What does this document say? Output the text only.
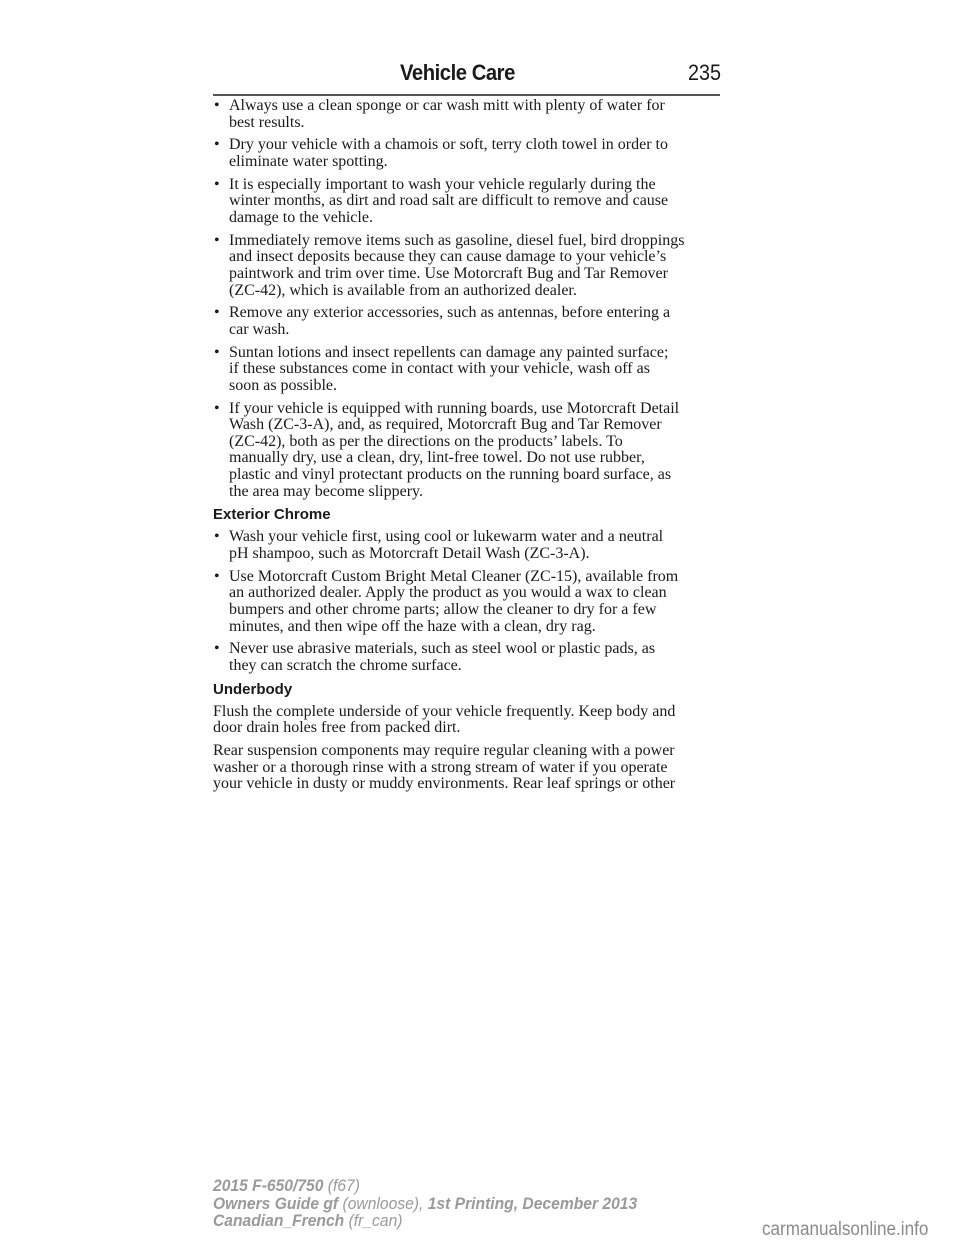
Vehicle Care	235
• Always use a clean sponge or car wash mitt with plenty of water for
best results.
• Dry your vehicle with a chamois or soft, terry cloth towel in order to
eliminate water spotting.
• It is especially important to wash your vehicle regularly during the
winter months, as dirt and road salt are difficult to remove and cause
damage to the vehicle.
• Immediately remove items such as gasoline, diesel fuel, bird droppings
and insect deposits because they can cause damage to your vehicle’s
paintwork and trim over time. Use Motorcraft Bug and Tar Remover
(ZC-42), which is available from an authorized dealer.
• Remove any exterior accessories, such as antennas, before entering a
car wash.
• Suntan lotions and insect repellents can damage any painted surface;
if these substances come in contact with your vehicle, wash off as
soon as possible.
• If your vehicle is equipped with running boards, use Motorcraft Detail
Wash (ZC-3-A), and, as required, Motorcraft Bug and Tar Remover
(ZC-42), both as per the directions on the products’ labels. To
manually dry, use a clean, dry, lint-free towel. Do not use rubber,
plastic and vinyl protectant products on the running board surface, as
the area may become slippery.
Exterior Chrome
• Wash your vehicle first, using cool or lukewarm water and a neutral
pH shampoo, such as Motorcraft Detail Wash (ZC-3-A).
• Use Motorcraft Custom Bright Metal Cleaner (ZC-15), available from
an authorized dealer. Apply the product as you would a wax to clean
bumpers and other chrome parts; allow the cleaner to dry for a few
minutes, and then wipe off the haze with a clean, dry rag.
• Never use abrasive materials, such as steel wool or plastic pads, as
they can scratch the chrome surface.
Underbody
Flush the complete underside of your vehicle frequently. Keep body and
door drain holes free from packed dirt.
Rear suspension components may require regular cleaning with a power
washer or a thorough rinse with a strong stream of water if you operate
your vehicle in dusty or muddy environments. Rear leaf springs or other
2015 F-650/750 (f67)
Owners Guide gf (ownloose), 1st Printing, December 2013
Canadian_French (fr_can)	carmanualsonline.info
